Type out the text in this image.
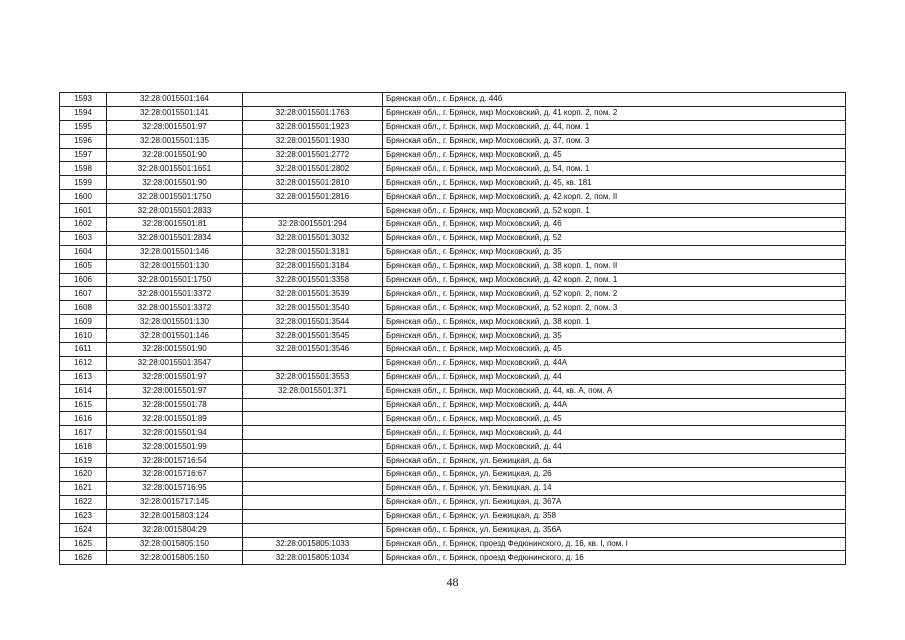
1593	32:28:0015501:164		Брянская обл., г. Брянск, д. 44б
1594	32:28:0015501:141	32:28:0015501:1763	Брянская обл., г. Брянск, мкр Московский, д. 41 корп. 2, пом. 2
1595	32:28:0015501:97	32:28:0015501:1923	Брянская обл., г. Брянск, мкр Московский, д. 44, пом. 1
1596	32:28:0015501:135	32:28:0015501:1930	Брянская обл., г. Брянск, мкр Московский, д. 37, пом. 3
1597	32:28:0015501:90	32:28:0015501:2772	Брянская обл., г. Брянск, мкр Московский, д. 45
1598	32:28:0015501:1651	32:28:0015501:2802	Брянская обл., г. Брянск, мкр Московский, д. 54, пом. 1
1599	32:28:0015501:90	32:28:0015501:2810	Брянская обл., г. Брянск, мкр Московский, д. 45, кв. 181
1600	32:28:0015501:1750	32:28:0015501:2816	Брянская обл., г. Брянск, мкр Московский, д. 42 корп. 2, пом. II
1601	32:28:0015501:2833		Брянская обл., г. Брянск, мкр Московский, д. 52 корп. 1
1602	32:28:0015501:81	32:28:0015501:294	Брянская обл., г. Брянск, мкр Московский, д. 46
1603	32:28:0015501:2834	32:28:0015501:3032	Брянская обл., г. Брянск, мкр Московский, д. 52
1604	32:28:0015501:146	32:28:0015501:3181	Брянская обл., г. Брянск, мкр Московский, д. 35
1605	32:28:0015501:130	32:28:0015501:3184	Брянская обл., г. Брянск, мкр Московский, д. 38 корп. 1, пом. II
1606	32:28:0015501:1750	32:28:0015501:3358	Брянская обл., г. Брянск, мкр Московский, д. 42 корп. 2, пом. 1
1607	32:28:0015501:3372	32:28:0015501:3539	Брянская обл., г. Брянск, мкр Московский, д. 52 корп. 2, пом. 2
1608	32:28:0015501:3372	32:28:0015501:3540	Брянская обл., г. Брянск, мкр Московский, д. 52 корп. 2, пом. 3
1609	32:28:0015501:130	32:28:0015501:3544	Брянская обл., г. Брянск, мкр Московский, д. 38 корп. 1
1610	32:28:0015501:146	32:28:0015501:3545	Брянская обл., г. Брянск, мкр Московский, д. 35
1611	32:28:0015501:90	32:28:0015501:3546	Брянская обл., г. Брянск, мкр Московский, д. 45
1612	32:28:0015501:3547		Брянская обл., г. Брянск, мкр Московский, д. 44А
1613	32:28:0015501:97	32:28:0015501:3553	Брянская обл., г. Брянск, мкр Московский, д. 44
1614	32:28:0015501:97	32:28:0015501:371	Брянская обл., г. Брянск, мкр Московский, д. 44, кв. А, пом. А
1615	32:28:0015501:78		Брянская обл., г. Брянск, мкр Московский, д. 44А
1616	32:28:0015501:89		Брянская обл., г. Брянск, мкр Московский, д. 45
1617	32:28:0015501:94		Брянская обл., г. Брянск, мкр Московский, д. 44
1618	32:28:0015501:99		Брянская обл., г. Брянск, мкр Московский, д. 44
1619	32:28:0015716:54		Брянская обл., г. Брянск, ул. Бежицкая, д. 6а
1620	32:28:0015716:67		Брянская обл., г. Брянск, ул. Бежицкая, д. 26
1621	32:28:0015716:95		Брянская обл., г. Брянск, ул. Бежицкая, д. 14
1622	32:28:0015717:145		Брянская обл., г. Брянск, ул. Бежицкая, д. 367А
1623	32:28:0015803:124		Брянская обл., г. Брянск, ул. Бежицкая, д. 358
1624	32:28:0015804:29		Брянская обл., г. Брянск, ул. Бежицкая, д. 356А
1625	32:28:0015805:150	32:28:0015805:1033	Брянская обл., г. Брянск, проезд Федюнинского, д. 16, кв. I, пом. I
1626	32:28:0015805:150	32:28:0015805:1034	Брянская обл., г. Брянск, проезд Федюнинского, д. 16
48
